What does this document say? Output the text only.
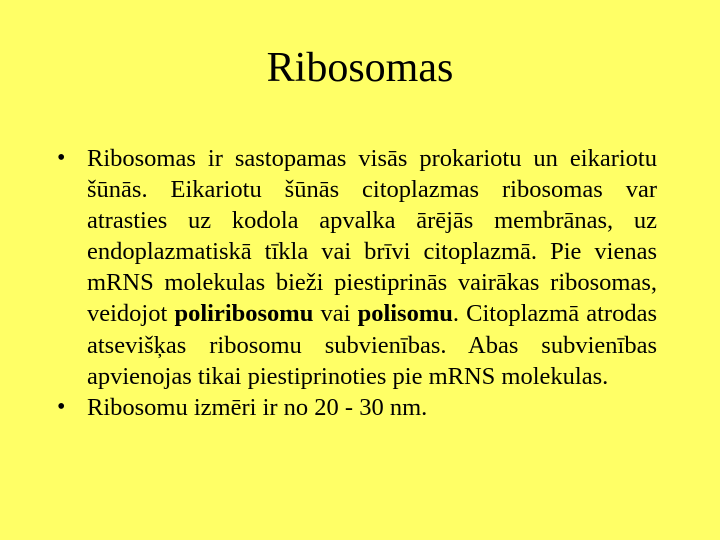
Ribosomas
• Ribosomas ir sastopamas visās prokariotu un eikariotu šūnās. Eikariotu šūnās citoplazmas ribosomas var atrasties uz kodola apvalka ārējās membrānas, uz endoplazmatiskā tīkla vai brīvi citoplazmā. Pie vienas mRNS molekulas bieži piestiprinās vairākas ribosomas, veidojot poliribosomu vai polisomu. Citoplazmā atrodas atsevišķas ribosomu subvienības. Abas subvienības apvienojas tikai piestiprinoties pie mRNS molekulas.
• Ribosomu izmēri ir no 20 - 30 nm.
